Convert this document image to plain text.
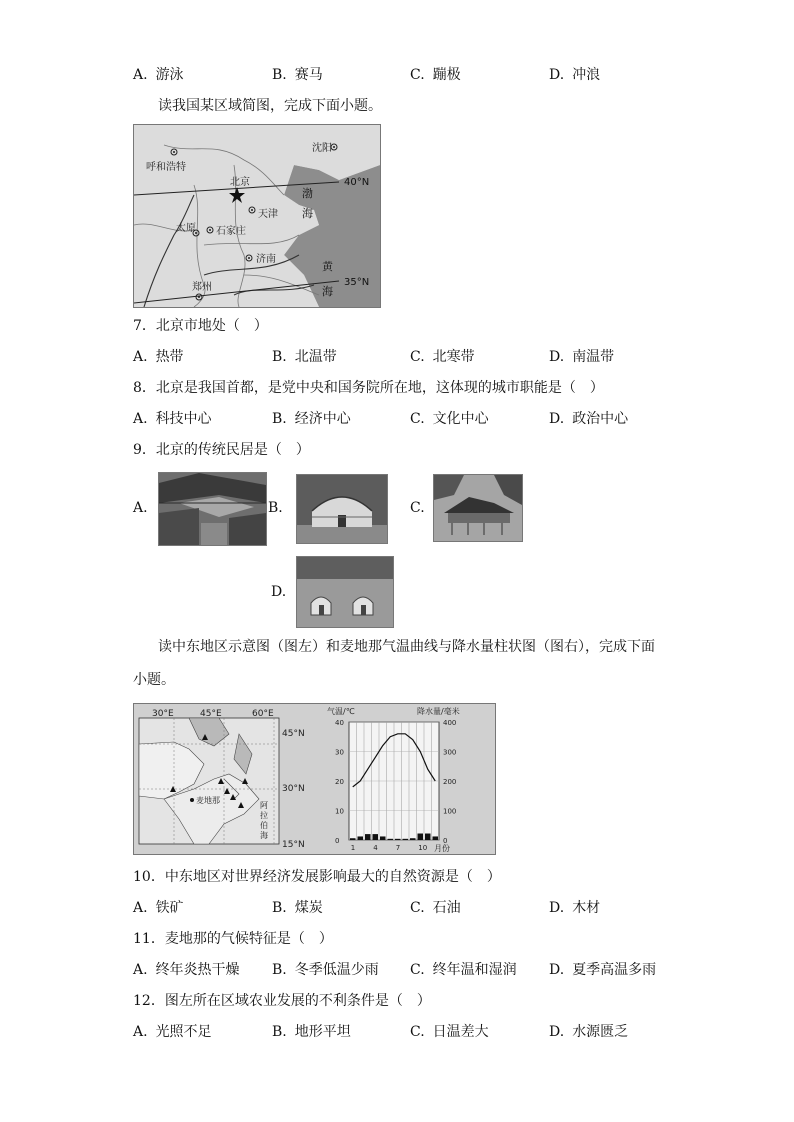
A. 游泳	B. 赛马	C. 蹦极	D. 冲浪
读我国某区域简图，完成下面小题。
呼和浩特
沈阳
北京
天津
太原 石家庄
济南
郑州
渤
海
黄
海
40°N
35°N
7．北京市地处（　）
A. 热带	B. 北温带	C. 北寒带	D. 南温带
8．北京是我国首都，是党中央和国务院所在地，这体现的城市职能是（　）
A. 科技中心	B. 经济中心	C. 文化中心	D. 政治中心
9．北京的传统民居是（　）
A.	B.	C.
D.
读中东地区示意图（图左）和麦地那气温曲线与降水量柱状图（图右），完成下面
小题。
30°E	45°E	60°E
45°N
30°N
15°N
麦地那
阿
拉
伯
海
气温/℃	降水量/毫米
月份
0
10
20
30
40
0
100
200
300
400
1	4	7	10
10．中东地区对世界经济发展影响最大的自然资源是（　）
A. 铁矿	B. 煤炭	C. 石油	D. 木材
11．麦地那的气候特征是（　）
A. 终年炎热干燥 B. 冬季低温少雨 C. 终年温和湿润 D. 夏季高温多雨
12．图左所在区域农业发展的不利条件是（　）
A. 光照不足	B. 地形平坦	C. 日温差大	D. 水源匮乏
